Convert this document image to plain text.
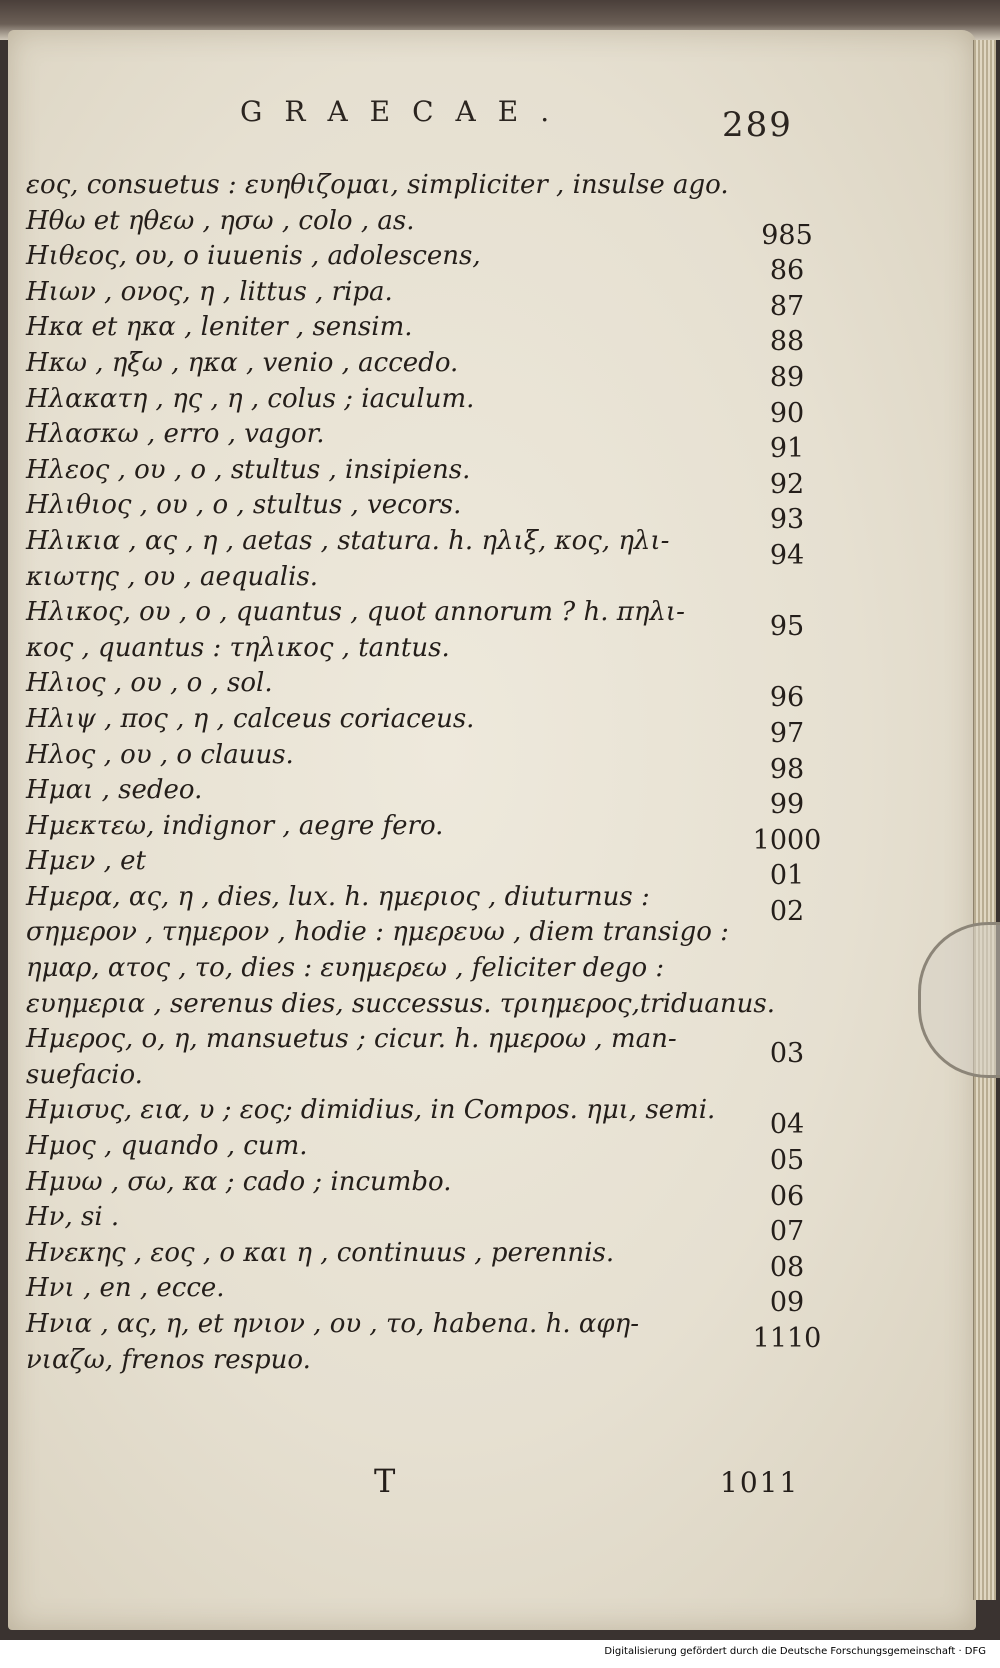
GRAECAE.	289
εος, consuetus : ευηθιζομαι, simpliciter , insulse ago.
Ηθω et ηθεω , ησω , colo , as.
Ηιθεος, ου, ο iuuenis , adolescens,
Ηιων , ονος, η , littus , ripa.
Ηκα et ηκα , leniter , sensim.
Ηκω , ηξω , ηκα , venio , accedo.
Ηλακατη , ης , η , colus ; iaculum.
Ηλασκω , erro , vagor.
Ηλεος , ου , ο , stultus , insipiens.
Ηλιθιος , ου , ο , stultus , vecors.
Ηλικια , ας , η , aetas , statura. h. ηλιξ, κος, ηλι-
κιωτης , ου , aequalis.
Ηλικος, ου , ο , quantus , quot annorum ? h. πηλι-
κος , quantus : τηλικος , tantus.
Ηλιος , ου , ο , sol.
Ηλιψ , πος , η , calceus coriaceus.
Ηλος , ου , ο clauus.
Ημαι , sedeo.
Ημεκτεω, indignor , aegre fero.
Ημεν , et
Ημερα, ας, η , dies, lux. h. ημεριος , diuturnus :
σημερον , τημερον , hodie : ημερευω , diem transigo :
ημαρ, ατος , το, dies : ευημερεω , feliciter dego :
ευημερια , serenus dies, successus. τριημερος,triduanus.
Ημερος, ο, η, mansuetus ; cicur. h. ημεροω , man-
suefacio.
Ημισυς, εια, υ ; εος; dimidius, in Compos. ημι, semi.
Ημος , quando , cum.
Ημυω , σω, κα ; cado ; incumbo.
Ην, si .
Ηνεκης , εος , ο και η , continuus , perennis.
Ηνι , en , ecce.
Ηνια , ας, η, et ηνιον , ου , το, habena. h. αφη-
νιαζω, frenos respuo.
985
86
87
88
89
90
91
92
93
94
95
96
97
98
99
1000
01
02
03
04
05
06
07
08
09
1110
T	1011
Digitalisierung gefördert durch die Deutsche Forschungsgemeinschaft · DFG
